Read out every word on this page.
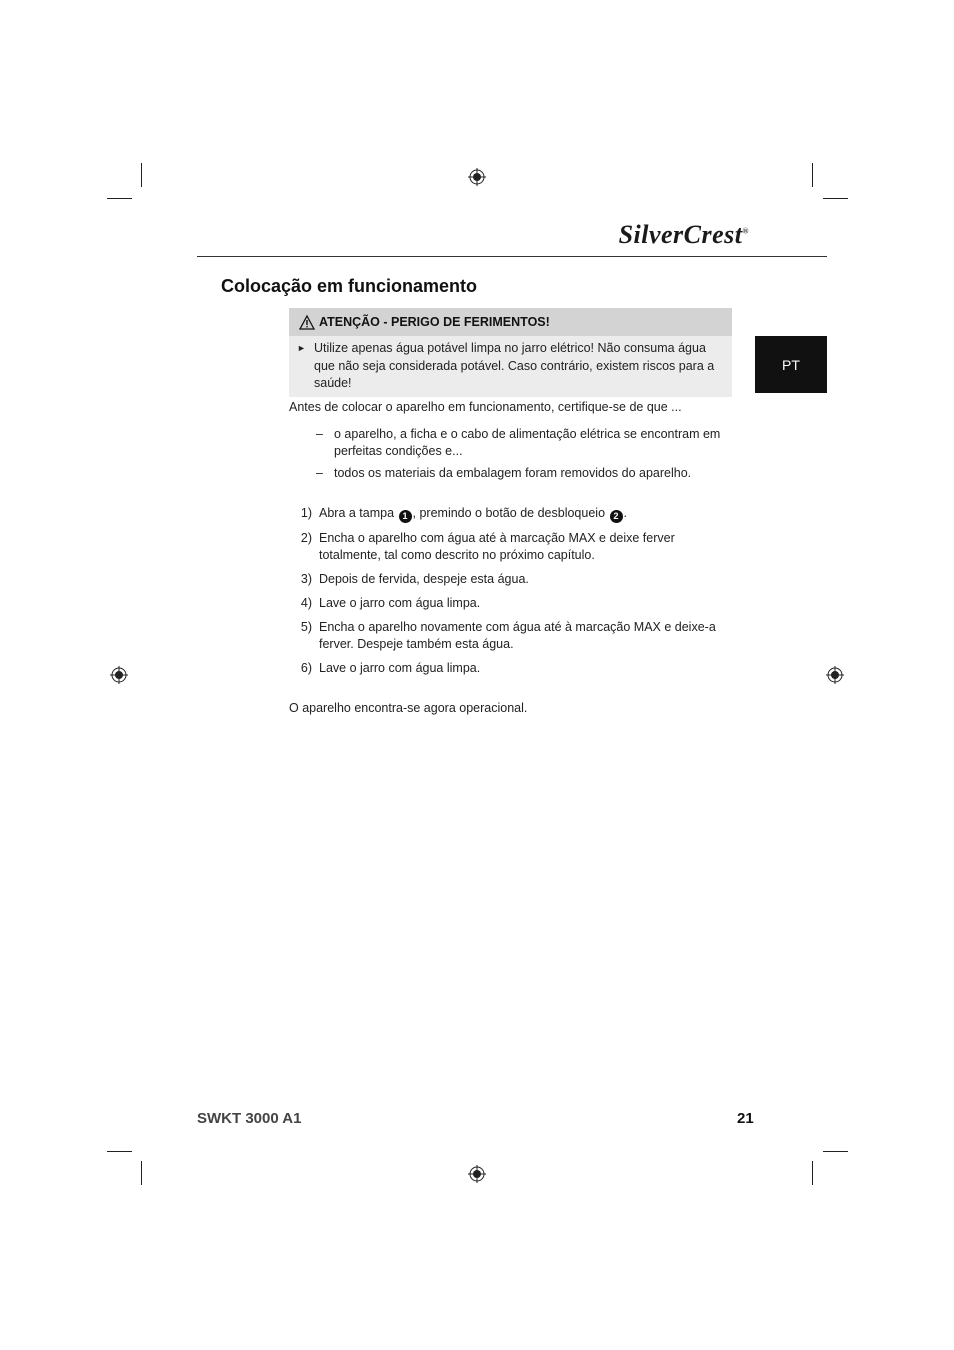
SilverCrest®
Colocação em funcionamento
ATENÇÃO - PERIGO DE FERIMENTOS!
► Utilize apenas água potável limpa no jarro elétrico! Não consuma água que não seja considerada potável. Caso contrário, existem riscos para a saúde!

Antes de colocar o aparelho em funcionamento, certifique-se de que ...

– o aparelho, a ficha e o cabo de alimentação elétrica se encontram em perfeitas condições e...
– todos os materiais da embalagem foram removidos do aparelho.
1) Abra a tampa 1 , premindo o botão de desbloqueio 2 .
2) Encha o aparelho com água até à marcação MAX e deixe ferver totalmente, tal como descrito no próximo capítulo.
3) Depois de fervida, despeje esta água.
4) Lave o jarro com água limpa.
5) Encha o aparelho novamente com água até à marcação MAX e deixe-a ferver. Despeje também esta água.
6) Lave o jarro com água limpa.

O aparelho encontra-se agora operacional.

PT
SWKT 3000 A1	21
